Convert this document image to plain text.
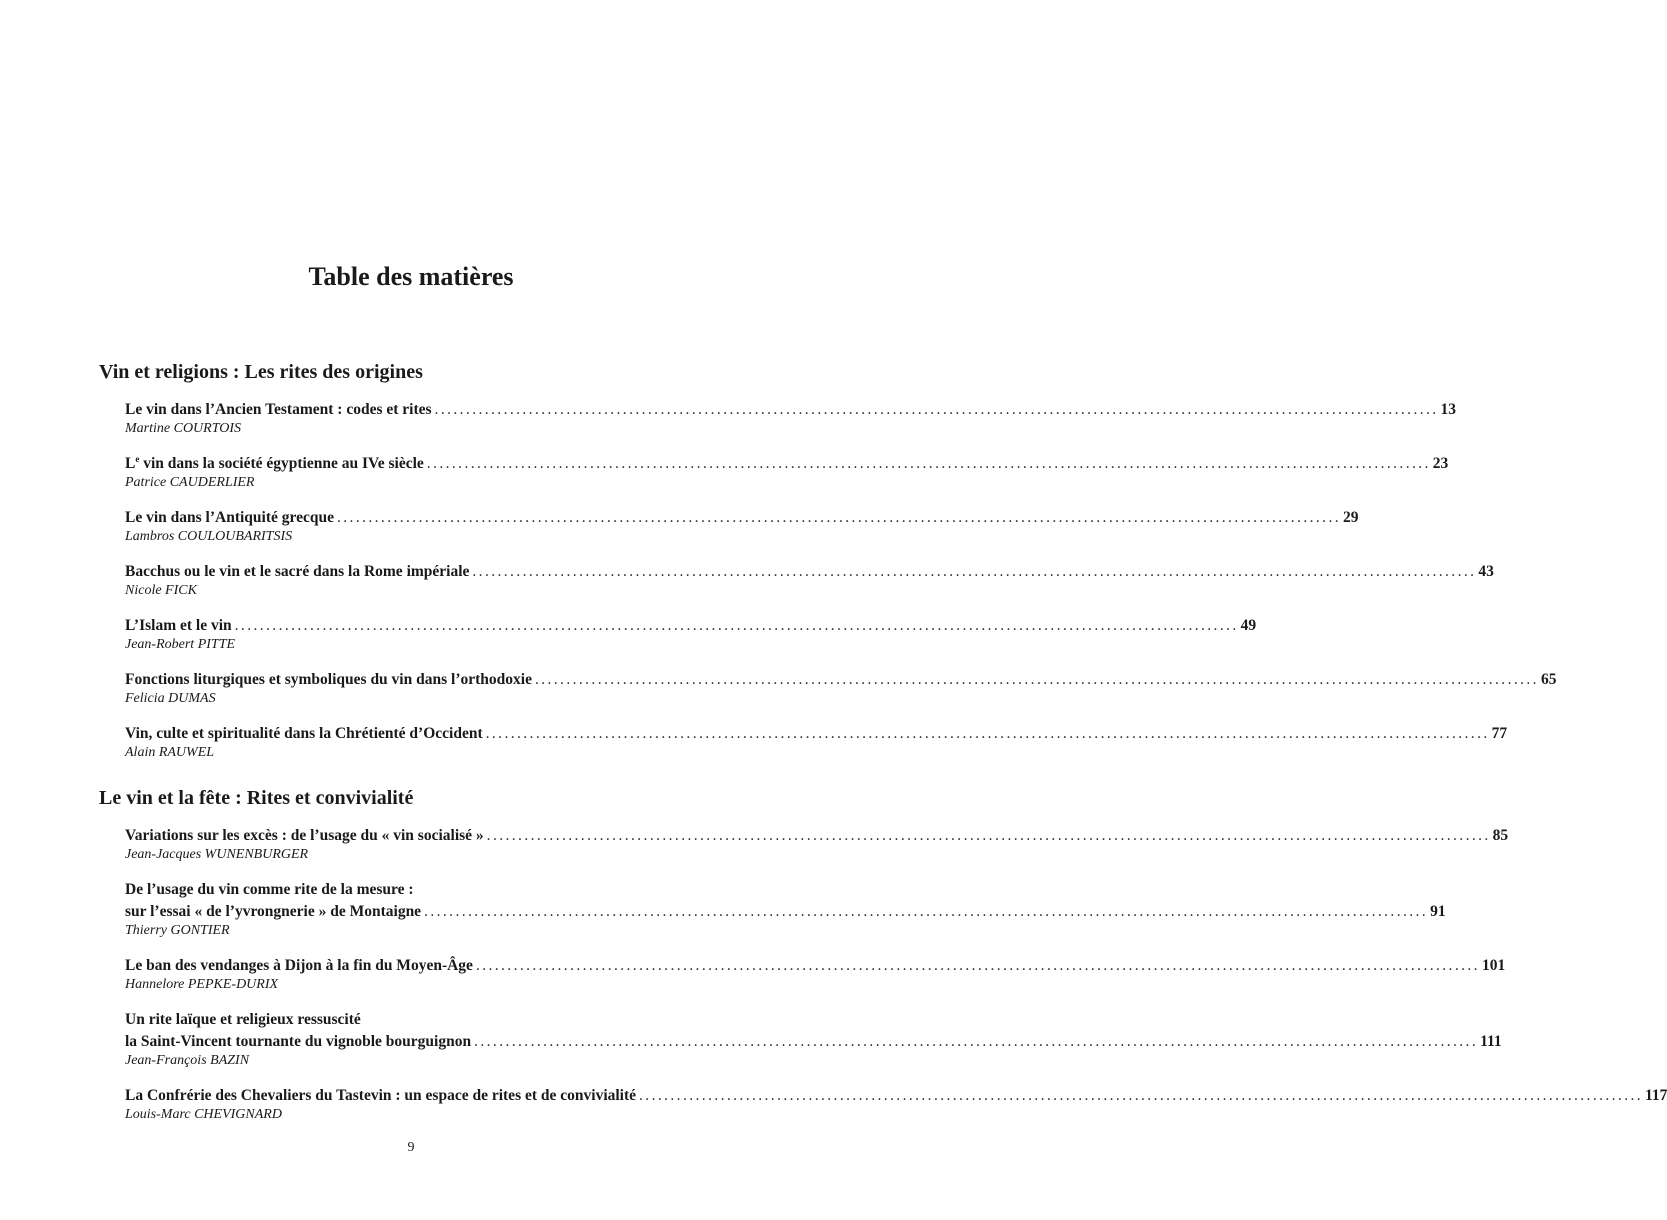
Table des matières
Vin et religions : Les rites des origines
Le vin dans l’Ancien Testament : codes et rites ................................................................................................................................................................ 13
Martine COURTOIS
Le vin dans la société égyptienne au IVe siècle ................................................................................................................................................................ 23
Patrice CAUDERLIER
Le vin dans l’Antiquité grecque ................................................................................................................................................................ 29
Lambros COULOUBARITSIS
Bacchus ou le vin et le sacré dans la Rome impériale ................................................................................................................................................................ 43
Nicole FICK
L’Islam et le vin ................................................................................................................................................................ 49
Jean-Robert PITTE
Fonctions liturgiques et symboliques du vin dans l’orthodoxie ................................................................................................................................................................ 65
Felicia DUMAS
Vin, culte et spiritualité dans la Chrétienté d’Occident ................................................................................................................................................................ 77
Alain RAUWEL
Le vin et la fête : Rites et convivialité
Variations sur les excès : de l’usage du « vin socialisé » ................................................................................................................................................................ 85
Jean-Jacques WUNENBURGER
De l’usage du vin comme rite de la mesure :
sur l’essai « de l’yvrongnerie » de Montaigne ................................................................................................................................................................ 91
Thierry GONTIER
Le ban des vendanges à Dijon à la fin du Moyen-Âge ................................................................................................................................................................ 101
Hannelore PEPKE-DURIX
Un rite laïque et religieux ressuscité
la Saint-Vincent tournante du vignoble bourguignon ................................................................................................................................................................ 111
Jean-François BAZIN
La Confrérie des Chevaliers du Tastevin : un espace de rites et de convivialité ................................................................................................................................................................ 117
Louis-Marc CHEVIGNARD
9
